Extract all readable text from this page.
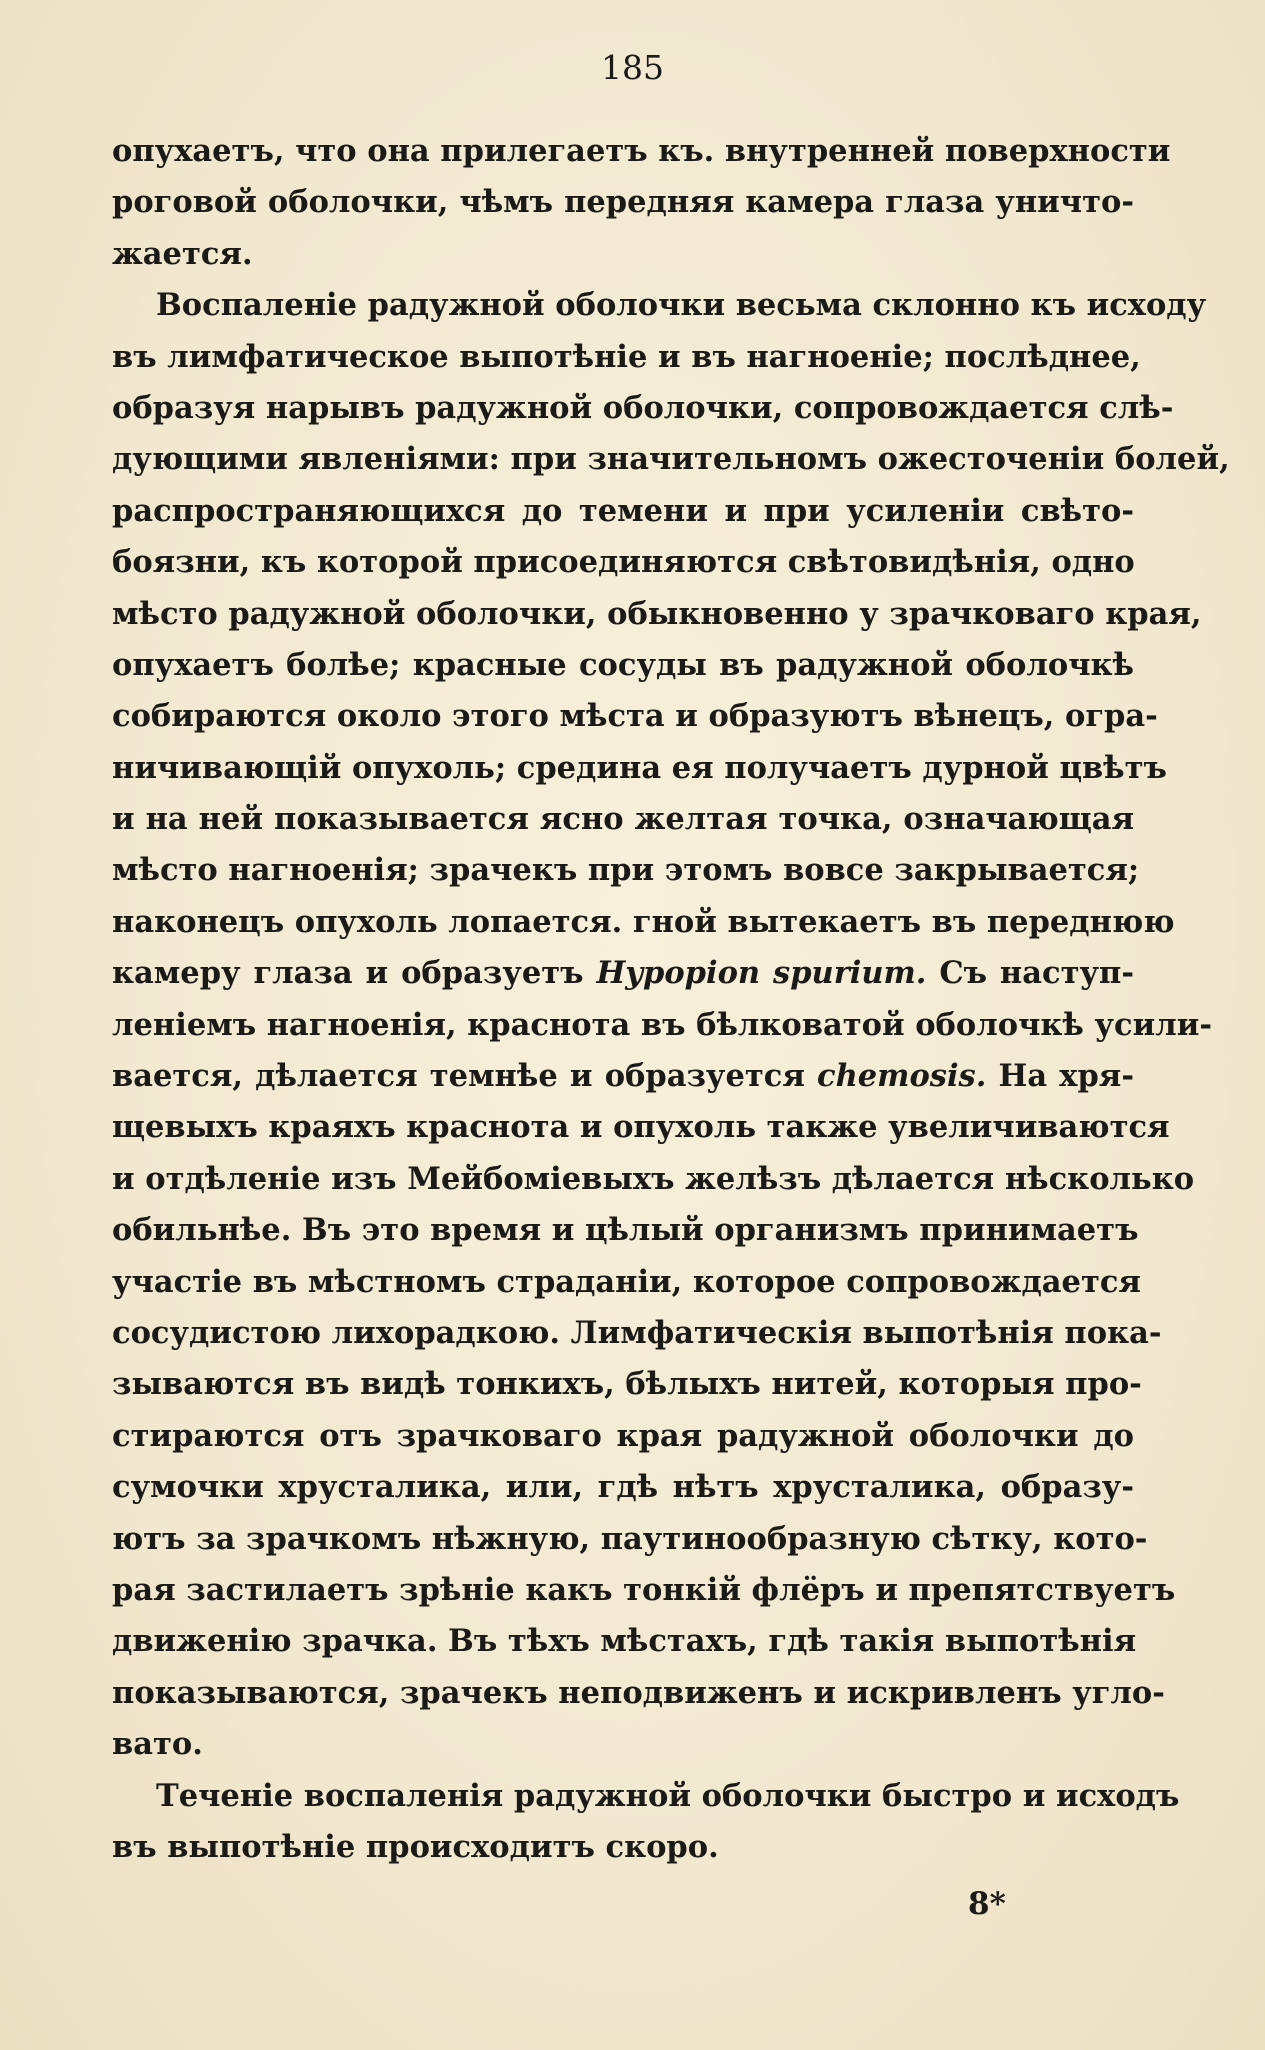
185
опухаетъ, что она прилегаетъ къ. внутренней поверхности
роговой оболочки, чѣмъ передняя камера глаза уничто-
жается.
Воспаленіе радужной оболочки весьма склонно къ исходу
въ лимфатическое выпотѣніе и въ нагноеніе; послѣднее,
образуя нарывъ радужной оболочки, сопровождается слѣ-
дующими явленіями: при значительномъ ожесточеніи болей,
распространяющихся до темени и при усиленіи свѣто-
боязни, къ которой присоединяются свѣтовидѣнія, одно
мѣсто радужной оболочки, обыкновенно у зрачковаго края,
опухаетъ болѣе; красные сосуды въ радужной оболочкѣ
собираются около этого мѣста и образуютъ вѣнецъ, огра-
ничивающій опухоль; средина ея получаетъ дурной цвѣтъ
и на ней показывается ясно желтая точка, означающая
мѣсто нагноенія; зрачекъ при этомъ вовсе закрывается;
наконецъ опухоль лопается. гной вытекаетъ въ переднюю
камеру глаза и образуетъ Hypopion spurium. Съ наступ-
леніемъ нагноенія, краснота въ бѣлковатой оболочкѣ усили-
вается, дѣлается темнѣе и образуется chemosis. На хря-
щевыхъ краяхъ краснота и опухоль также увеличиваются
и отдѣленіе изъ Мейбоміевыхъ желѣзъ дѣлается нѣсколько
обильнѣе. Въ это время и цѣлый организмъ принимаетъ
участіе въ мѣстномъ страданіи, которое сопровождается
сосудистою лихорадкою. Лимфатическія выпотѣнія пока-
зываются въ видѣ тонкихъ, бѣлыхъ нитей, которыя про-
стираются отъ зрачковаго края радужной оболочки до
сумочки хрусталика, или, гдѣ нѣтъ хрусталика, образу-
ютъ за зрачкомъ нѣжную, паутинообразную сѣтку, кото-
рая застилаетъ зрѣніе какъ тонкій флёръ и препятствуетъ
движенію зрачка. Въ тѣхъ мѣстахъ, гдѣ такія выпотѣнія
показываются, зрачекъ неподвиженъ и искривленъ угло-
вато.
Теченіе воспаленія радужной оболочки быстро и исходъ
въ выпотѣніе происходитъ скоро.
8*
